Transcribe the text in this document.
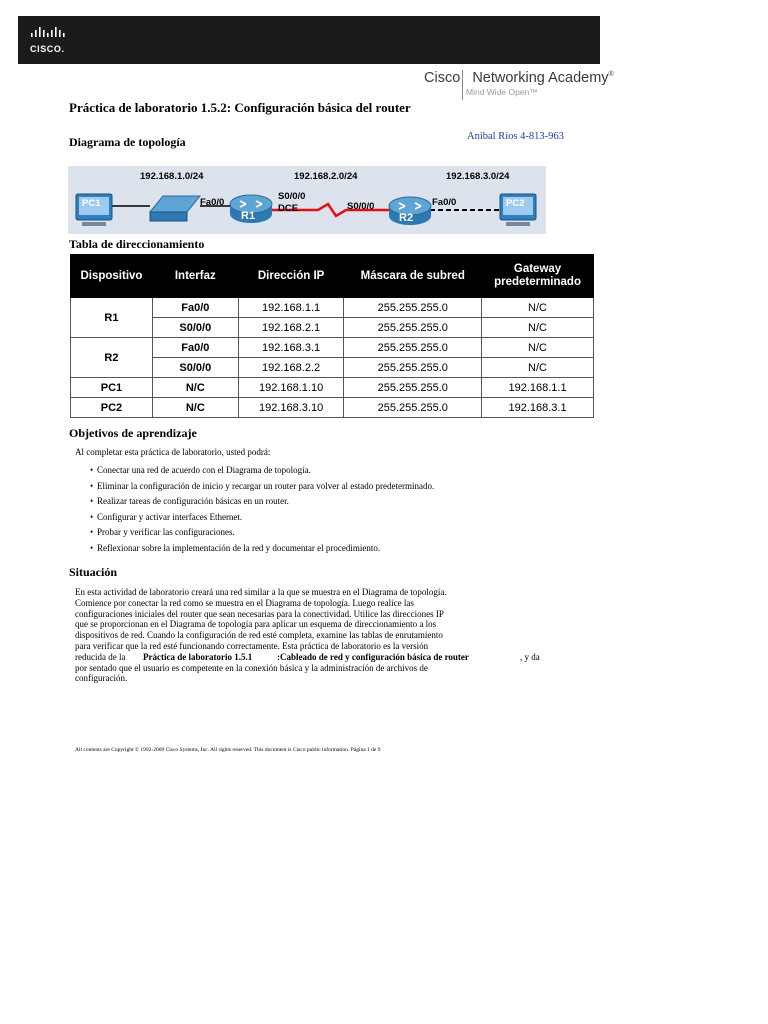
CISCO.
Cisco Networking Academy®
Mind Wide Open™
Práctica de laboratorio 1.5.2: Configuración básica del router
Diagrama de topología	Anibal Ríos 4-813-963
192.168.1.0/24	192.168.2.0/24	192.168.3.0/24
PC1
R1	R2
PC2
Fa0/0
S0/0/0
DCE	S0/0/0	Fa0/0
Tabla de direccionamiento
Dispositivo	Interfaz	Dirección IP	Máscara de subred	Gateway predeterminado
R1	Fa0/0	192.168.1.1	255.255.255.0	N/C
	S0/0/0	192.168.2.1	255.255.255.0	N/C
R2	Fa0/0	192.168.3.1	255.255.255.0	N/C
	S0/0/0	192.168.2.2	255.255.255.0	N/C
PC1	N/C	192.168.1.10	255.255.255.0	192.168.1.1
PC2	N/C	192.168.3.10	255.255.255.0	192.168.3.1
Objetivos de aprendizaje
Al completar esta práctica de laboratorio, usted podrá:
• Conectar una red de acuerdo con el Diagrama de topología.
• Eliminar la configuración de inicio y recargar un router para volver al estado predeterminado.
• Realizar tareas de configuración básicas en un router.
• Configurar y activar interfaces Ethernet.
• Probar y verificar las configuraciones.
• Reflexionar sobre la implementación de la red y documentar el procedimiento.
Situación
En esta actividad de laboratorio creará una red similar a la que se muestra en el Diagrama de topología.
Comience por conectar la red como se muestra en el Diagrama de topología. Luego realice las
configuraciones iniciales del router que sean necesarias para la conectividad. Utilice las direcciones IP
que se proporcionan en el Diagrama de topología para aplicar un esquema de direccionamiento a los
dispositivos de red. Cuando la configuración de red esté completa, examine las tablas de enrutamiento
para verificar que la red esté funcionando correctamente. Esta práctica de laboratorio es la versión
reducida de la Práctica de laboratorio 1.5.1	:Cableado de red y configuración básica de router	, y da
por sentado que el usuario es competente en la conexión básica y la administración de archivos de
configuración.
All contents are Copyright © 1992-2009 Cisco Systems, Inc. All rights reserved. This document is Cisco public information. Página 1 de 9
